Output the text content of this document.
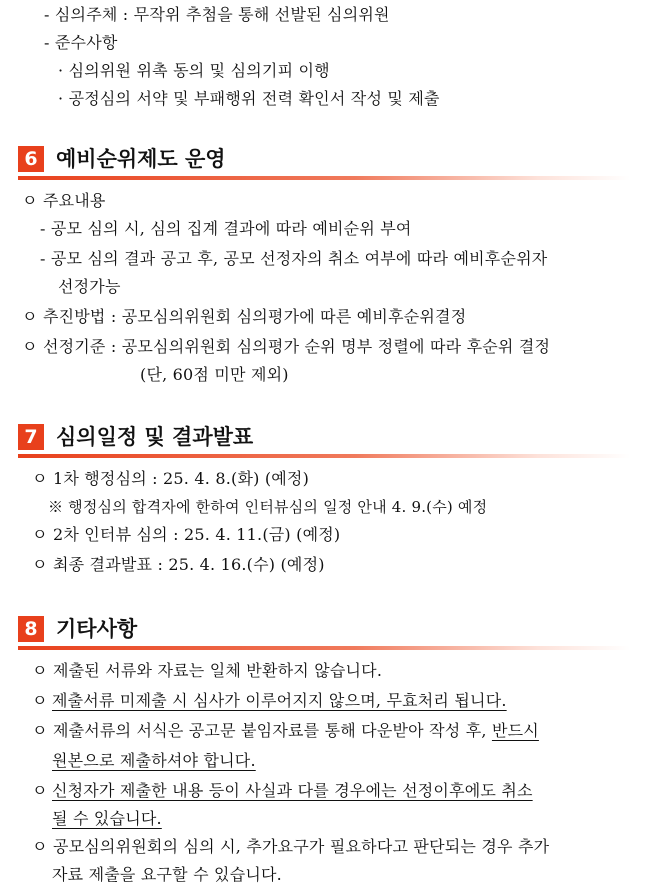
- 심의주체 : 무작위 추첨을 통해 선발된 심의위원
- 준수사항
· 심의위원 위촉 동의 및 심의기피 이행
· 공정심의 서약 및 부패행위 전력 확인서 작성 및 제출
6 예비순위제도 운영
ㅇ 주요내용
- 공모 심의 시, 심의 집계 결과에 따라 예비순위 부여
- 공모 심의 결과 공고 후, 공모 선정자의 취소 여부에 따라 예비후순위자
선정가능
ㅇ 추진방법 : 공모심의위원회 심의평가에 따른 예비후순위결정
ㅇ 선정기준 : 공모심의위원회 심의평가 순위 명부 정렬에 따라 후순위 결정
(단, 60점 미만 제외)
7 심의일정 및 결과발표
ㅇ 1차 행정심의 : 25. 4. 8.(화) (예정)
※ 행정심의 합격자에 한하여 인터뷰심의 일정 안내 4. 9.(수) 예정
ㅇ 2차 인터뷰 심의 : 25. 4. 11.(금) (예정)
ㅇ 최종 결과발표 : 25. 4. 16.(수) (예정)
8 기타사항
ㅇ 제출된 서류와 자료는 일체 반환하지 않습니다.
ㅇ 제출서류 미제출 시 심사가 이루어지지 않으며, 무효처리 됩니다.
ㅇ 제출서류의 서식은 공고문 붙임자료를 통해 다운받아 작성 후, 반드시
원본으로 제출하셔야 합니다.
ㅇ 신청자가 제출한 내용 등이 사실과 다를 경우에는 선정이후에도 취소
될 수 있습니다.
ㅇ 공모심의위원회의 심의 시, 추가요구가 필요하다고 판단되는 경우 추가
자료 제출을 요구할 수 있습니다.
